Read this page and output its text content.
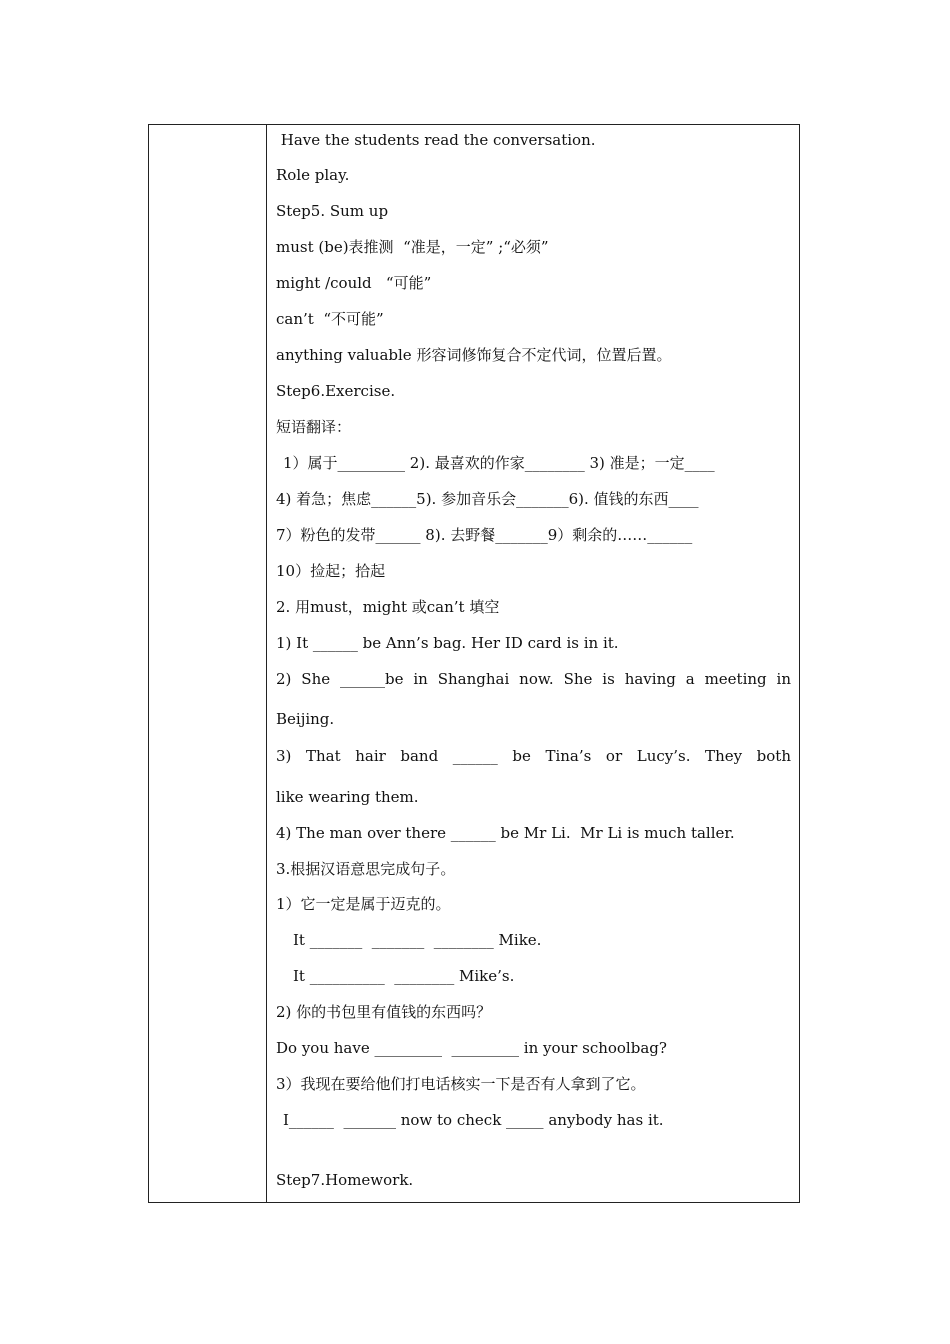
Have the students read the conversation.
Role play.
Step5. Sum up
must (be)表推测  “准是，一定” ;“必须”
might /could   “可能”
can’t  “不可能”
anything valuable 形容词修饰复合不定代词，位置后置。
Step6.Exercise.
短语翻译：
1）属于_________ 2). 最喜欢的作家________ 3) 准是；一定____
4) 着急；焦虑______5). 参加音乐会_______6). 值钱的东西____
7）粉色的发带______ 8). 去野餐_______9）剩余的……______
10）捡起；拾起
2. 用must，might 或can’t 填空
1) It ______ be Ann’s bag. Her ID card is in it.
2) She ______be in Shanghai now. She is having a meeting in
Beijing.
3) That hair band ______ be Tina’s or Lucy’s. They both
like wearing them.
4) The man over there ______ be Mr Li.  Mr Li is much taller.
3.根据汉语意思完成句子。
1）它一定是属于迈克的。
It _______  _______  ________ Mike.
It __________  ________ Mike’s.
2) 你的书包里有值钱的东西吗？
Do you have _________  _________ in your schoolbag?
3）我现在要给他们打电话核实一下是否有人拿到了它。
I______  _______ now to check _____ anybody has it.
Step7.Homework.
